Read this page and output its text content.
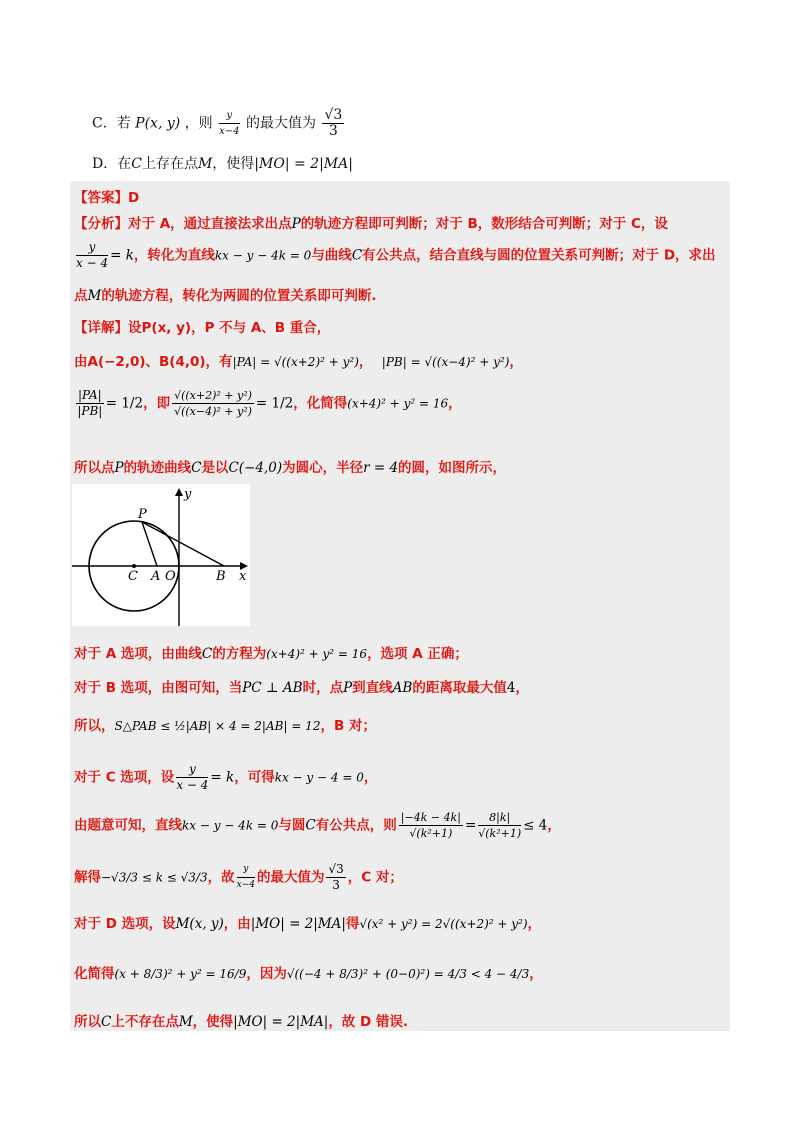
C．若 P(x, y) ，则 $\frac{y}{x-4}$ 的最大值为 $\frac{√3}{3}$
D．在C上存在点M，使得|MO| = 2|MA|
【答案】D
【分析】对于 A，通过直接法求出点P的轨迹方程即可判断；对于 B，数形结合可判断；对于 C，设
$\frac{y}{x - 4} = k$，转化为直线kx − y − 4k = 0与曲线C有公共点，结合直线与圆的位置关系可判断；对于 D，求出
点M的轨迹方程，转化为两圆的位置关系即可判断.
【详解】设P(x, y)，P 不与 A、B 重合，
由A(−2,0)、B(4,0)，有|PA| = √((x+2)² + y²)， |PB| = √((x−4)² + y²)，
$\frac{|PA|}{|PB|} = 1/2$，即 $\frac{\text{√((x+2)² + y²)}}{\text{√((x−4)² + y²)}} = 1/2$，化简得(x+4)² + y² = 16，
所以点P的轨迹曲线C是以C(−4,0)为圆心，半径r = 4的圆，如图所示，
y
x
P
C A O	B
对于 A 选项，由曲线C的方程为(x+4)² + y² = 16，选项 A 正确；
对于 B 选项，由图可知，当PC ⊥ AB时，点P到直线AB的距离取最大值4，
所以，S△PAB ≤ ½|AB| × 4 = 2|AB| = 12，B 对；
对于 C 选项，设 $\frac{y}{x - 4} = k$，可得kx − y − 4 = 0，
由题意可知，直线kx − y − 4k = 0与圆C有公共点，则 $\frac{|-4k - 4k|}{\text{√(k²+1)}} = \frac{8|k|}{\text{√(k²+1)}} \le 4$，
解得−√3/3 ≤ k ≤ √3/3，故 $\frac{y}{x-4}$ 的最大值为 $\frac{√3}{3}$ ，C 对；
对于 D 选项，设M(x, y)，由|MO| = 2|MA|得√(x² + y²) = 2√((x+2)² + y²)，
化简得(x + 8/3)² + y² = 16/9，因为√((−4 + 8/3)² + (0−0)²) = 4/3 < 4 − 4/3，
所以C上不存在点M，使得|MO| = 2|MA|，故 D 错误.
